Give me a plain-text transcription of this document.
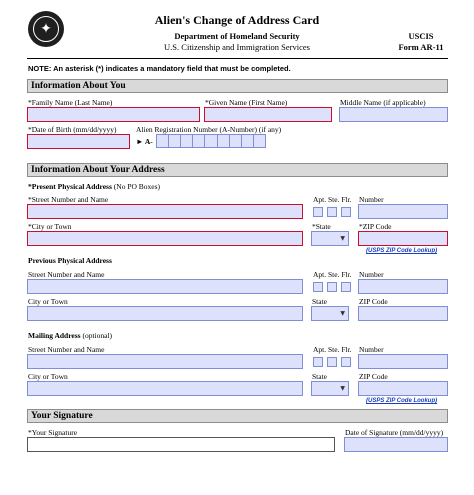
✦
Alien's Change of Address Card
Department of Homeland Security
U.S. Citizenship and Immigration Services
USCIS
Form AR-11
NOTE: An asterisk (*) indicates a mandatory field that must be completed.
Information About You
*Family Name (Last Name)	*Given Name (First Name)	Middle Name (if applicable)
*Date of Birth (mm/dd/yyyy)	Alien Registration Number (A-Number) (if any)
► A-
Information About Your Address
*Present Physical Address (No PO Boxes)
*Street Number and Name	Apt. Ste. Flr. Number
*City or Town	*State	*ZIP Code
▼
(USPS ZIP Code Lookup)
Previous Physical Address
Street Number and Name	Apt. Ste. Flr. Number
City or Town	State	ZIP Code
▼
Mailing Address (optional)
Street Number and Name	Apt. Ste. Flr. Number
City or Town	State	ZIP Code
▼
(USPS ZIP Code Lookup)
Your Signature
*Your Signature	Date of Signature (mm/dd/yyyy)
